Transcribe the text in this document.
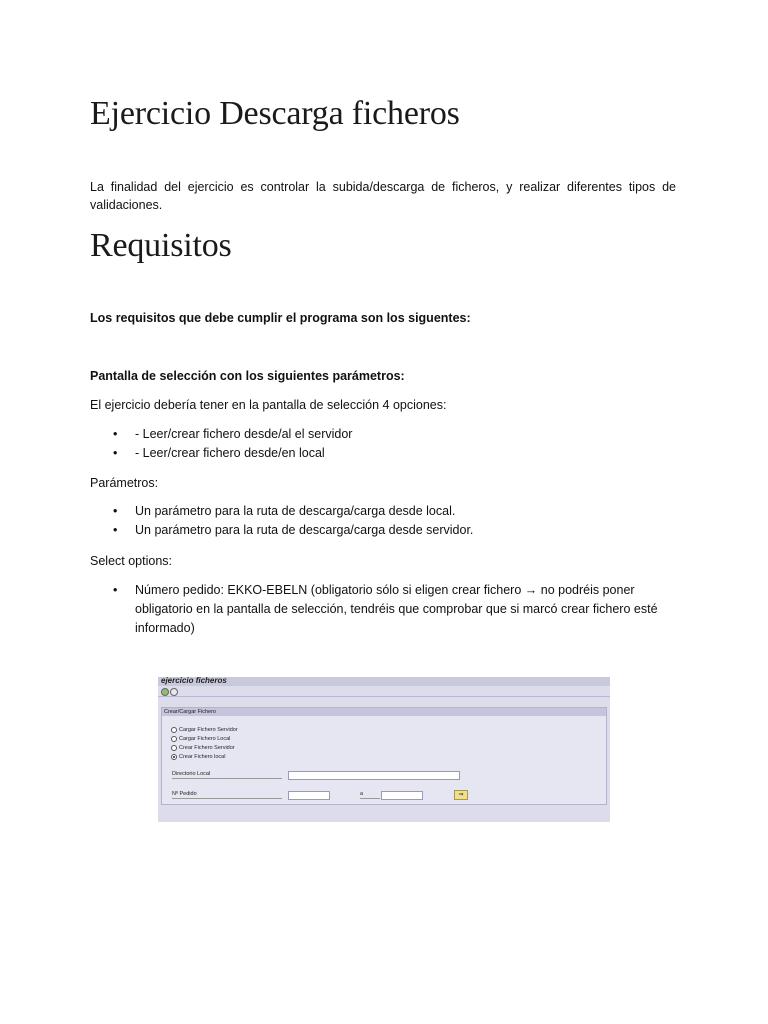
Ejercicio Descarga ficheros

La finalidad del ejercicio es controlar la subida/descarga de ficheros, y realizar diferentes tipos de

validaciones.

Requisitos

Los requisitos que debe cumplir el programa son los siguentes:

Pantalla de selección con los siguientes parámetros:

El ejercicio debería tener en la pantalla de selección 4 opciones:

• - Leer/crear fichero desde/al el servidor
• - Leer/crear fichero desde/en local

Parámetros:

• Un parámetro para la ruta de descarga/carga desde local.
• Un parámetro para la ruta de descarga/carga desde servidor.

Select options:

• Número pedido: EKKO-EBELN (obligatorio sólo si eligen crear fichero → no podréis poner
obligatorio en la pantalla de selección, tendréis que comprobar que si marcó crear fichero esté
informado)
ejercicio ficheros
Crear/Cargar Fichero
Cargar Fichero Servidor
Cargar Fichero Local
Crear Fichero Servidor
Crear Fichero local
Directorio Local
Nº Pedido	a	⇒
